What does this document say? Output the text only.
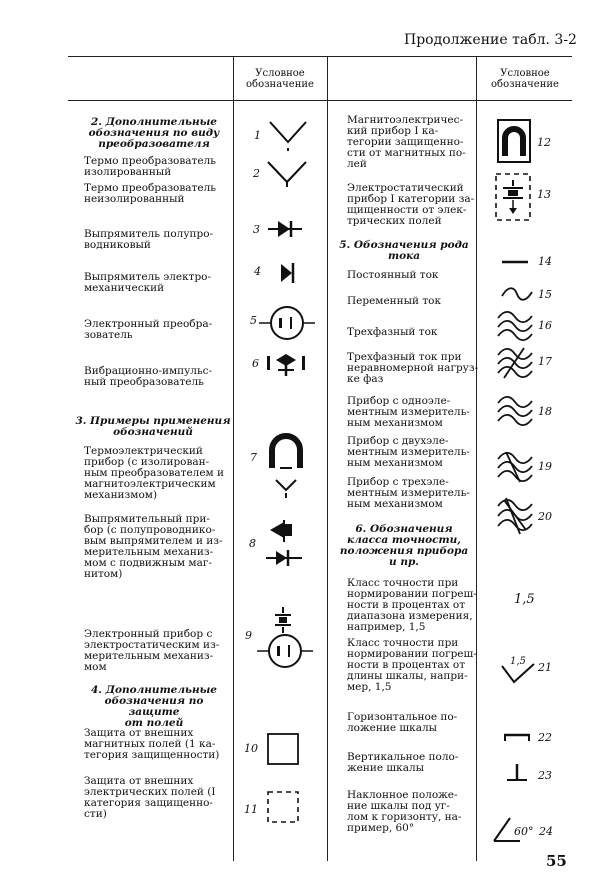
Продолжение табл. 3-2
Условное
обозначение
Условное
обозначение
2. Дополнительные
обозначения по виду
преобразователя
Термо преобразователь
изолированный
Термо преобразователь
неизолированный
Выпрямитель полупро-
водниковый
Выпрямитель электро-
механический
Электронный преобра-
зователь
Вибрационно-импульс-
ный преобразователь
3. Примеры применения
обозначений
Термоэлектрический
прибор (с изолирован-
ным преобразователем и
магнитоэлектрическим
механизмом)
Выпрямительный при-
бор (с полупроводнико-
вым выпрямителем и из-
мерительным механиз-
мом с подвижным маг-
нитом)
Электронный прибор с
электростатическим из-
мерительным механиз-
мом
4. Дополнительные
обозначения по защите
от полей
Защита от внешних
магнитных полей (1 ка-
тегория защищенности)
Защита от внешних
электрических полей (I
категория защищенно-
сти)
Магнитоэлектричес-
кий прибор I ка-
тегории защищенно-
сти от магнитных по-
лей
Электростатический
прибор I категории за-
щищенности от элек-
трических полей
5. Обозначения рода
тока
Постоянный ток
Переменный ток
Трехфазный ток
Трехфазный ток при
неравномерной нагруз-
ке фаз
Прибор с одноэле-
ментным измеритель-
ным механизмом
Прибор с двухэле-
ментным измеритель-
ным механизмом
Прибор с трехэле-
ментным измеритель-
ным механизмом
6. Обозначения
класса точности,
положения прибора
и пр.
Класс точности при
нормировании погреш-
ности в процентах от
диапазона измерения,
например, 1,5
Класс точности при
нормировании погреш-
ности в процентах от
длины шкалы, напри-
мер, 1,5
Горизонтальное по-
ложение шкалы
Вертикальное поло-
жение шкалы
Наклонное положе-
ние шкалы под уг-
лом к горизонту, на-
пример, 60°
1
2
3
4
5
6
7
8
9
10
11
12
13
14
15
16
17
18
19
20
1,5
1,5 21
22
23
60° 24
55
